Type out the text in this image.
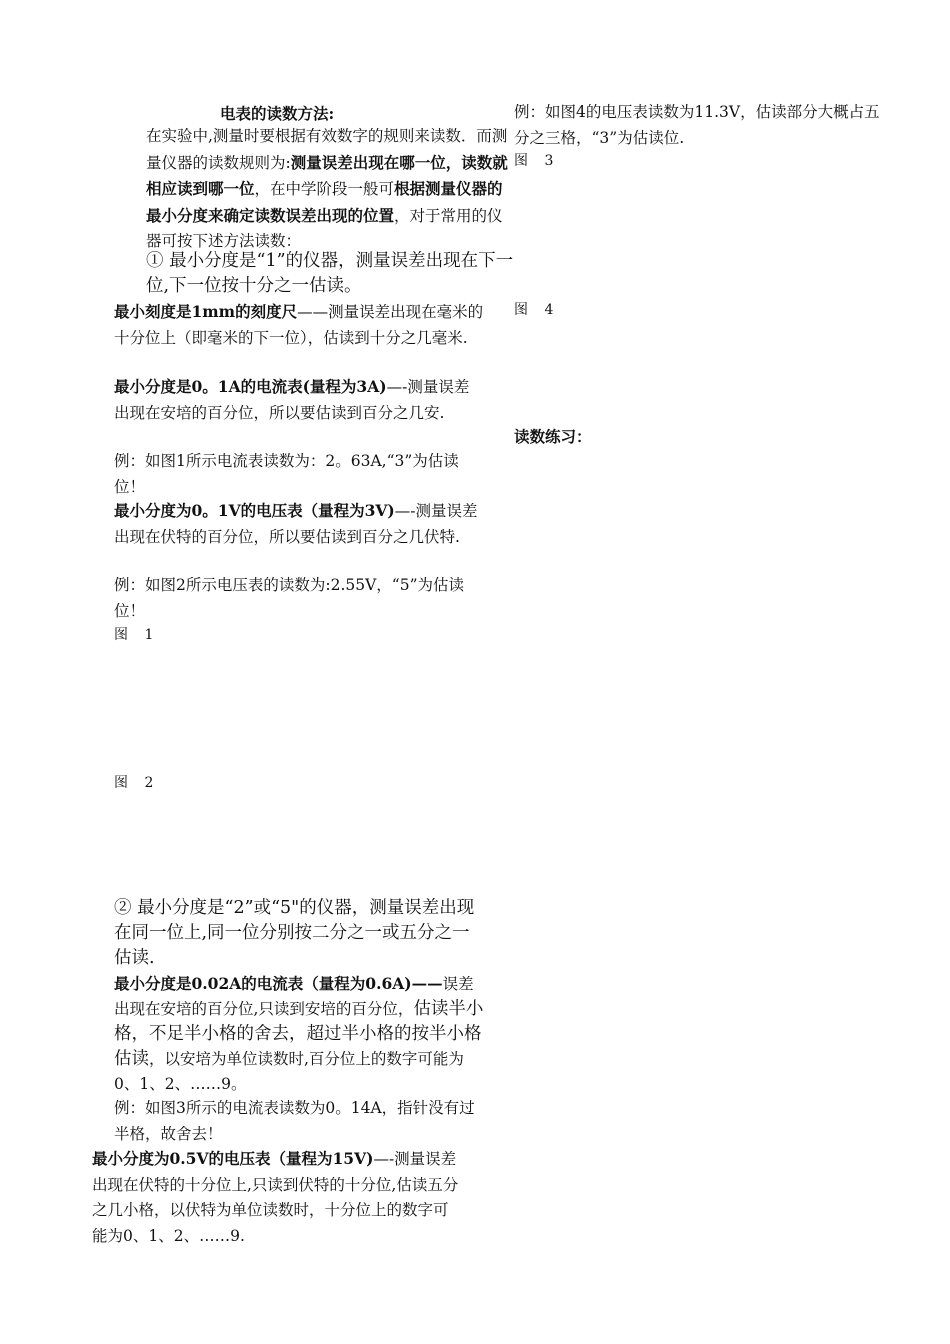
电表的读数方法:

在实验中,测量时要根据有效数字的规则来读数．而测量仪器的读数规则为:测量误差出现在哪一位，读数就相应读到哪一位，在中学阶段一般可根据测量仪器的最小分度来确定读数误差出现的位置，对于常用的仪器可按下述方法读数：

① 最小分度是“1”的仪器，测量误差出现在下一位,下一位按十分之一估读。

最小刻度是1mm的刻度尺——测量误差出现在毫米的十分位上（即毫米的下一位），估读到十分之几毫米.

最小分度是0。1A的电流表(量程为3A)—-测量误差出现在安培的百分位，所以要估读到百分之几安.

例：如图1所示电流表读数为：2。63A,“3”为估读位！

最小分度为0。1V的电压表（量程为3V)—-测量误差出现在伏特的百分位，所以要估读到百分之几伏特.

例：如图2所示电压表的读数为:2.55V，“5”为估读位！

图 1

图 2

② 最小分度是“2”或“5"的仪器，测量误差出现在同一位上,同一位分别按二分之一或五分之一估读.

最小分度是0.02A的电流表（量程为0.6A)——误差出现在安培的百分位,只读到安培的百分位，估读半小格，不足半小格的舍去，超过半小格的按半小格估读，以安培为单位读数时,百分位上的数字可能为0、1、2、……9。

例：如图3所示的电流表读数为0。14A，指针没有过半格，故舍去！

最小分度为0.5V的电压表（量程为15V)—-测量误差出现在伏特的十分位上,只读到伏特的十分位,估读五分之几小格，以伏特为单位读数时，十分位上的数字可能为0、1、2、……9.

例：如图4的电压表读数为11.3V，估读部分大概占五分之三格，“3”为估读位.

图 3

图 4

读数练习：
